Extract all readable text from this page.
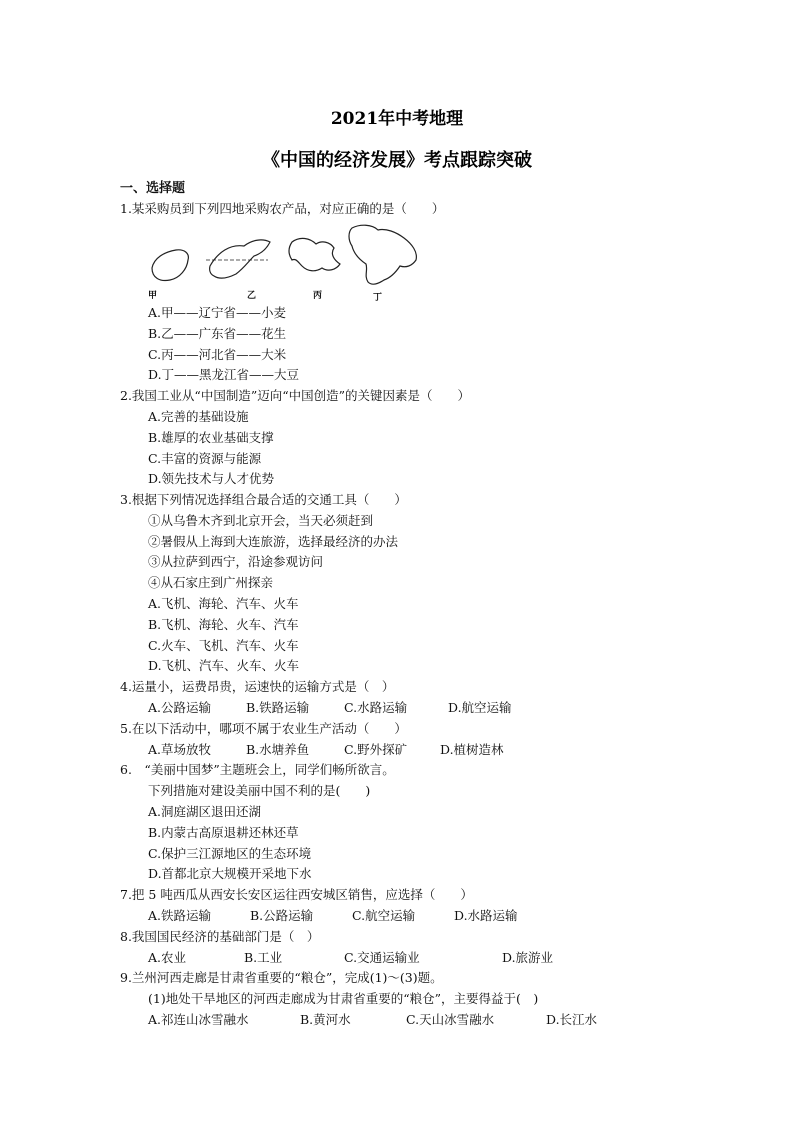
2021年中考地理
《中国的经济发展》考点跟踪突破
一、选择题
1.某采购员到下列四地采购农产品，对应正确的是（　　）
甲	乙	丙	丁
A.甲——辽宁省——小麦
B.乙——广东省——花生
C.丙——河北省——大米
D.丁——黑龙江省——大豆
2.我国工业从“中国制造”迈向“中国创造”的关键因素是（　　）
A.完善的基础设施
B.雄厚的农业基础支撑
C.丰富的资源与能源
D.领先技术与人才优势
3.根据下列情况选择组合最合适的交通工具（　　）
①从乌鲁木齐到北京开会，当天必须赶到
②暑假从上海到大连旅游，选择最经济的办法
③从拉萨到西宁，沿途参观访问
④从石家庄到广州探亲
A.飞机、海轮、汽车、火车
B.飞机、海轮、火车、汽车
C.火车、飞机、汽车、火车
D.飞机、汽车、火车、火车
4.运量小，运费昂贵，运速快的运输方式是（　）
A.公路运输	B.铁路运输	C.水路运输	D.航空运输
5.在以下活动中，哪项不属于农业生产活动（　　）
A.草场放牧	B.水塘养鱼	C.野外探矿	D.植树造林
6.　“美丽中国梦”主题班会上，同学们畅所欲言。
下列措施对建设美丽中国不利的是(　　)
A.洞庭湖区退田还湖
B.内蒙古高原退耕还林还草
C.保护三江源地区的生态环境
D.首都北京大规模开采地下水
7.把 5 吨西瓜从西安长安区运往西安城区销售，应选择（　　）
A.铁路运输	B.公路运输	C.航空运输	D.水路运输
8.我国国民经济的基础部门是（　）
A.农业	B.工业	C.交通运输业	D.旅游业
9.兰州河西走廊是甘肃省重要的“粮仓”，完成(1)～(3)题。
(1)地处干旱地区的河西走廊成为甘肃省重要的“粮仓”，主要得益于(　)
A.祁连山冰雪融水	B.黄河水	C.天山冰雪融水	D.长江水
